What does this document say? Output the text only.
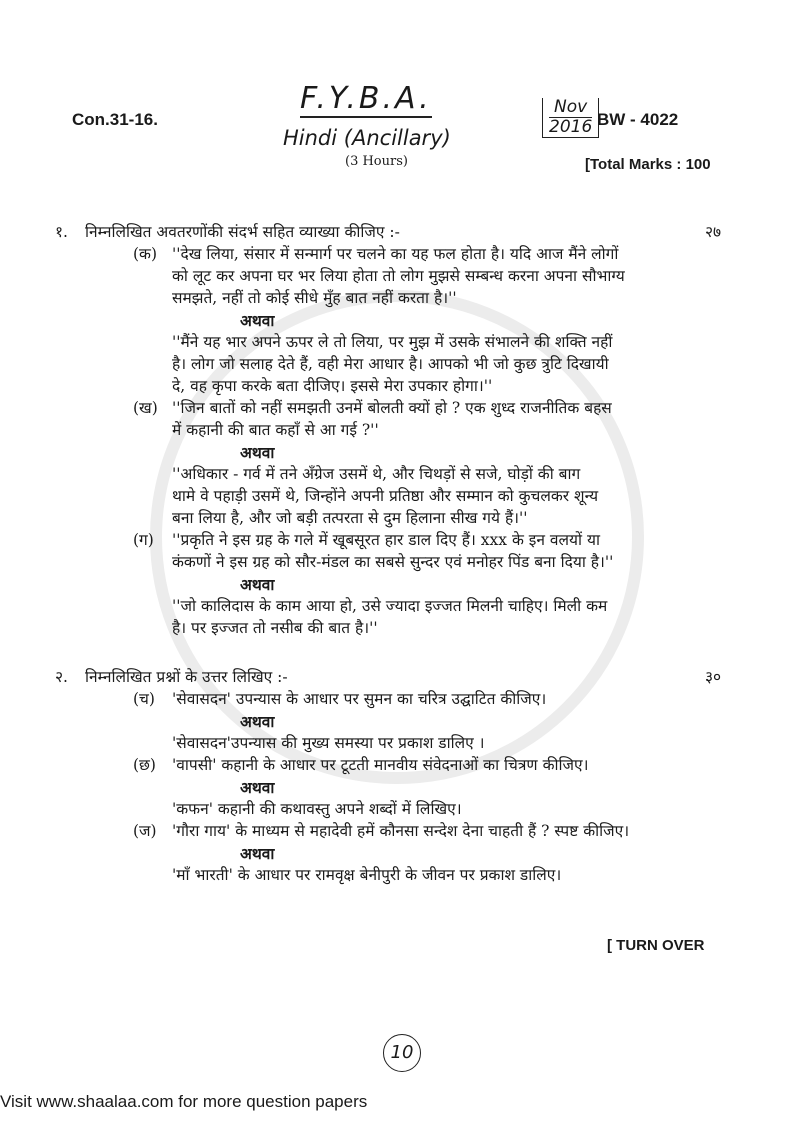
Con.31-16.
F.Y.B.A.
Hindi (Ancillary)
(3 Hours)
Nov
2016 BW - 4022
[Total Marks : 100
१. निम्नलिखित अवतरणोंकी संदर्भ सहित व्याख्या कीजिए :-	२७
(क) ''देख लिया, संसार में सन्मार्ग पर चलने का यह फल होता है। यदि आज मैंने लोगों
को लूट कर अपना घर भर लिया होता तो लोग मुझसे सम्बन्ध करना अपना सौभाग्य
समझते, नहीं तो कोई सीधे मुँह बात नहीं करता है।''
अथवा
''मैंने यह भार अपने ऊपर ले तो लिया, पर मुझ में उसके संभालने की शक्ति नहीं
है। लोग जो सलाह देते हैं, वही मेरा आधार है। आपको भी जो कुछ त्रुटि दिखायी
दे, वह कृपा करके बता दीजिए। इससे मेरा उपकार होगा।''
(ख) ''जिन बातों को नहीं समझती उनमें बोलती क्यों हो ? एक शुध्द राजनीतिक बहस
में कहानी की बात कहाँ से आ गई ?''
अथवा
''अधिकार - गर्व में तने अँग्रेज उसमें थे, और चिथड़ों से सजे, घोड़ों की बाग
थामे वे पहाड़ी उसमें थे, जिन्होंने अपनी प्रतिष्ठा और सम्मान को कुचलकर शून्य
बना लिया है, और जो बड़ी तत्परता से दुम हिलाना सीख गये हैं।''
(ग) ''प्रकृति ने इस ग्रह के गले में खूबसूरत हार डाल दिए हैं। xxx के इन वलयों या
कंकणों ने इस ग्रह को सौर-मंडल का सबसे सुन्दर एवं मनोहर पिंड बना दिया है।''
अथवा
''जो कालिदास के काम आया हो, उसे ज्यादा इज्जत मिलनी चाहिए। मिली कम
है। पर इज्जत तो नसीब की बात है।''
२. निम्नलिखित प्रश्नों के उत्तर लिखिए :-	३०
(च) 'सेवासदन' उपन्यास के आधार पर सुमन का चरित्र उद्घाटित कीजिए।
अथवा
'सेवासदन'उपन्यास की मुख्य समस्या पर प्रकाश डालिए ।
(छ) 'वापसी' कहानी के आधार पर टूटती मानवीय संवेदनाओं का चित्रण कीजिए।
अथवा
'कफन' कहानी की कथावस्तु अपने शब्दों में लिखिए।
(ज) 'गौरा गाय' के माध्यम से महादेवी हमें कौनसा सन्देश देना चाहती हैं ? स्पष्ट कीजिए।
अथवा
'माँ भारती' के आधार पर रामवृक्ष बेनीपुरी के जीवन पर प्रकाश डालिए।
[ TURN OVER
10
Visit www.shaalaa.com for more question papers
